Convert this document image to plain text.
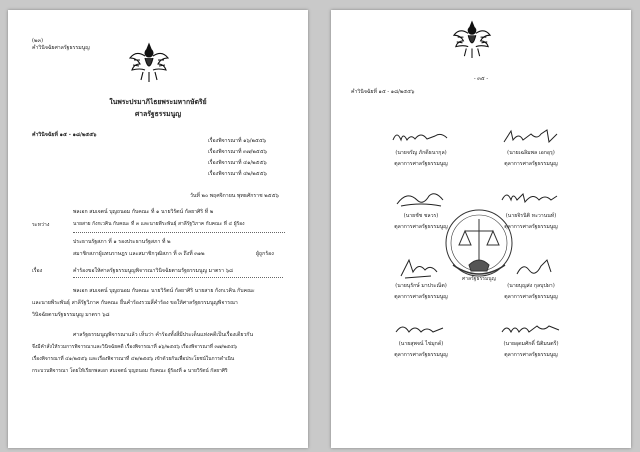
(๒๓)
คำวินิจฉัยศาลรัฐธรรมนูญ
ในพระปรมาภิไธยพระมหากษัตริย์
ศาลรัฐธรรมนูญ
คำวินิจฉัยที่ ๑๕ - ๑๘/๒๕๕๖
เรื่องพิจารณาที่ ๑๖/๒๕๕๖
เรื่องพิจารณาที่ ๓๗/๒๕๕๖
เรื่องพิจารณาที่ ๔๑/๒๕๕๖
เรื่องพิจารณาที่ ๔๒/๒๕๕๖
วันที่ ๒๐ พฤศจิกายน พุทธศักราช ๒๕๕๖
พลเอก สมเจตน์ บุญถนอม กับคณะ ที่ ๑ นายวิรัตน์ กัลยาศิริ ที่ ๒
ระหว่าง	นายสาย กังกเวคิน กับคณะ ที่ ๓ และนายพีระพันธุ์ สาลีรัฐวิภาค กับคณะ ที่ ๔ ผู้ร้อง
ประธานรัฐสภา ที่ ๑ รองประธานรัฐสภา ที่ ๒
สมาชิกสภาผู้แทนราษฎร และสมาชิกวุฒิสภา ที่ ๓ ถึงที่ ๓๑๒	ผู้ถูกร้อง
เรื่อง	คำร้องขอให้ศาลรัฐธรรมนูญพิจารณาวินิจฉัยตามรัฐธรรมนูญ มาตรา ๖๘
พลเอก สมเจตน์ บุญถนอม กับคณะ นายวิรัตน์ กัลยาศิริ นายสาย กังกเวคิน กับคณะ
และนายพีระพันธุ์ สาลีรัฐวิภาค กับคณะ ยื่นคำร้องรวมสี่คำร้อง ขอให้ศาลรัฐธรรมนูญพิจารณา
วินิจฉัยตามรัฐธรรมนูญ มาตรา ๖๘
ศาลรัฐธรรมนูญพิจารณาแล้ว เห็นว่า คำร้องทั้งสี่มีประเด็นแห่งคดีเป็นเรื่องเดียวกัน
จึงมีคำสั่งให้รวมการพิจารณาและวินิจฉัยคดี เรื่องพิจารณาที่ ๑๖/๒๕๕๖ เรื่องพิจารณาที่ ๓๗/๒๕๕๖
เรื่องพิจารณาที่ ๔๑/๒๕๕๖ และเรื่องพิจารณาที่ ๔๒/๒๕๕๖ เข้าด้วยกันเพื่อประโยชน์ในการดำเนิน
กระบวนพิจารณา โดยให้เรียกพลเอก สมเจตน์ บุญถนอม กับคณะ ผู้ร้องที่ ๑ นายวิรัตน์ กัลยาศิริ
- ๓๕ -
คำวินิจฉัยที่ ๑๕ - ๑๘/๒๕๕๖
(นายจรัญ ภักดีธนากุล)
ตุลาการศาลรัฐธรรมนูญ
(นายเฉลิมพล เอกอุรุ)
ตุลาการศาลรัฐธรรมนูญ
(นายชัช ชลวร)
ตุลาการศาลรัฐธรรมนูญ
(นายจิรนิติ หะวานนท์)
ตุลาการศาลรัฐธรรมนูญ
ศาลรัฐธรรมนูญ
(นายนุรักษ์ มาประณีต)
ตุลาการศาลรัฐธรรมนูญ
(นายบุญส่ง กุลบุปผา)
ตุลาการศาลรัฐธรรมนูญ
(นายสุพจน์ ไข่มุกด์)
ตุลาการศาลรัฐธรรมนูญ
(นายอุดมศักดิ์ นิติมนตรี)
ตุลาการศาลรัฐธรรมนูญ
